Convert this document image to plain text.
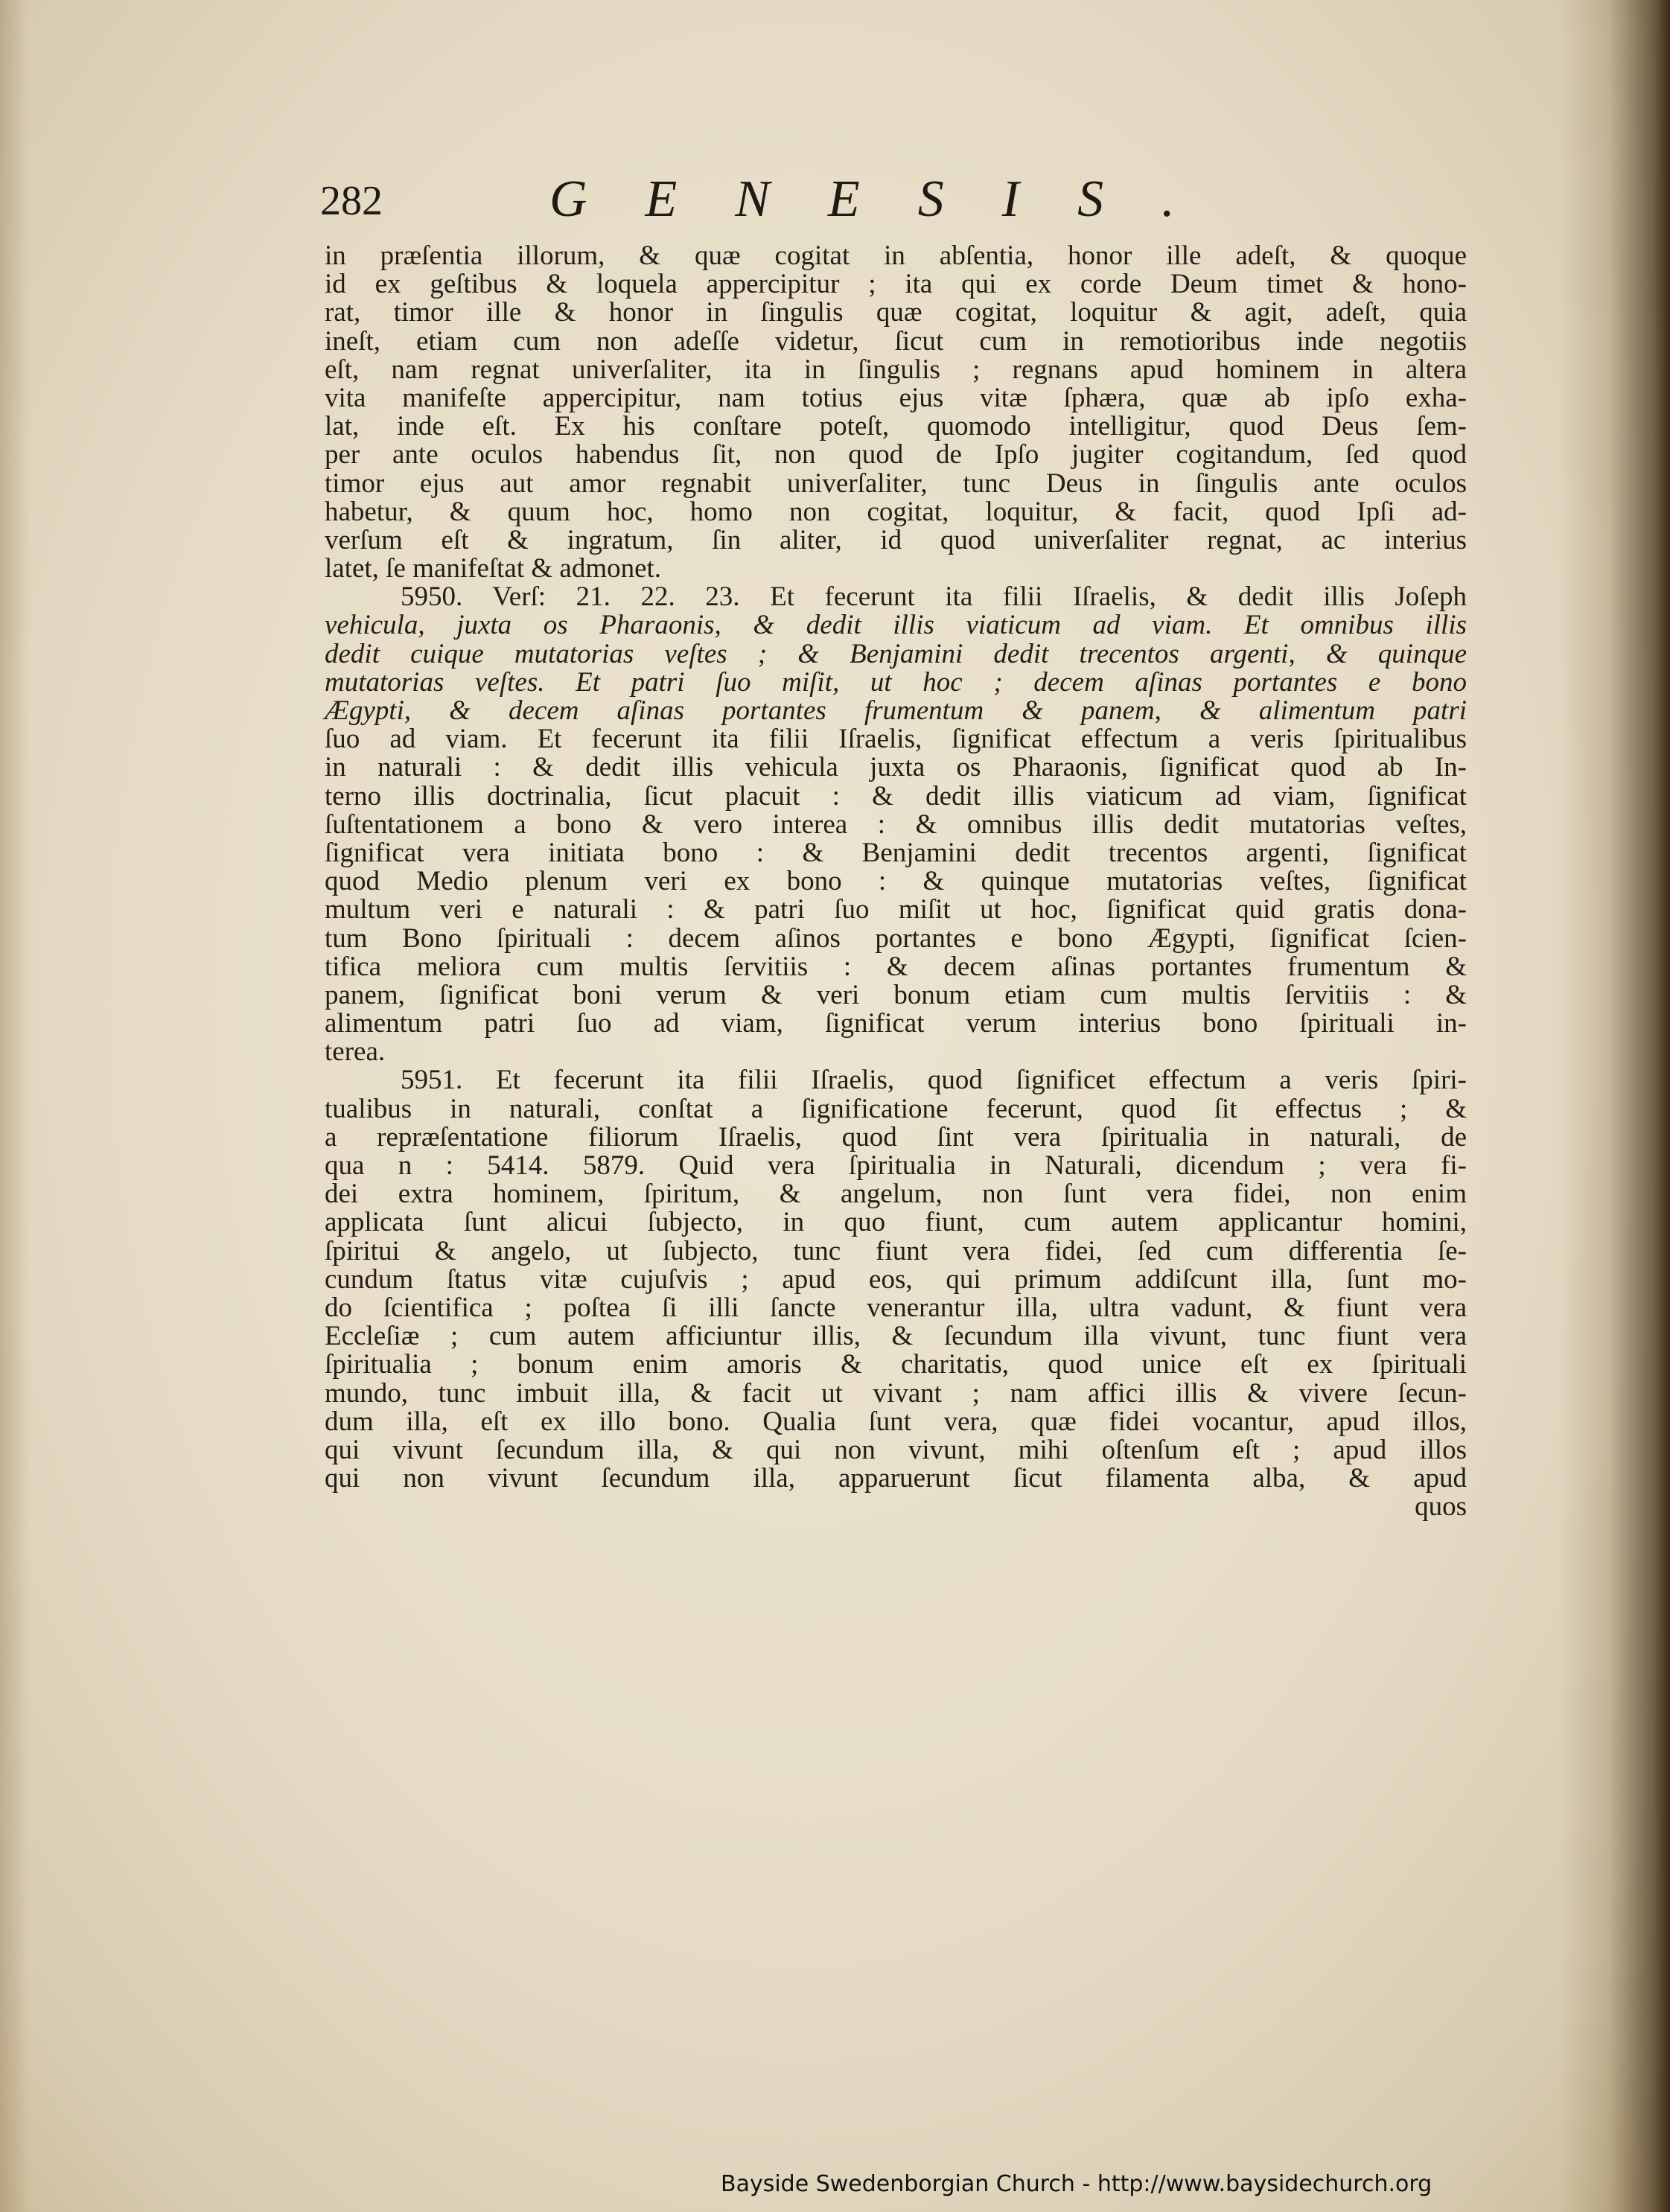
282	GENESIS.
in præſentia illorum, & quæ cogitat in abſentia, honor ille adeſt, & quoque
id ex geſtibus & loquela appercipitur ; ita qui ex corde Deum timet & hono-
rat, timor ille & honor in ſingulis quæ cogitat, loquitur & agit, adeſt, quia
ineſt, etiam cum non adeſſe videtur, ſicut cum in remotioribus inde negotiis
eſt, nam regnat univerſaliter, ita in ſingulis ; regnans apud hominem in altera
vita manifeſte appercipitur, nam totius ejus vitæ ſphæra, quæ ab ipſo exha-
lat, inde eſt. Ex his conſtare poteſt, quomodo intelligitur, quod Deus ſem-
per ante oculos habendus ſit, non quod de Ipſo jugiter cogitandum, ſed quod
timor ejus aut amor regnabit univerſaliter, tunc Deus in ſingulis ante oculos
habetur, & quum hoc, homo non cogitat, loquitur, & facit, quod Ipſi ad-
verſum eſt & ingratum, ſin aliter, id quod univerſaliter regnat, ac interius
latet, ſe manifeſtat & admonet.
5950. Verſ: 21. 22. 23. Et fecerunt ita filii Iſraelis, & dedit illis Joſeph
vehicula, juxta os Pharaonis, & dedit illis viaticum ad viam. Et omnibus illis
dedit cuique mutatorias veſtes ; & Benjamini dedit trecentos argenti, & quinque
mutatorias veſtes. Et patri ſuo miſit, ut hoc ; decem aſinas portantes e bono
Ægypti, & decem aſinas portantes frumentum & panem, & alimentum patri
ſuo ad viam. Et fecerunt ita filii Iſraelis, ſignificat effectum a veris ſpiritualibus
in naturali : & dedit illis vehicula juxta os Pharaonis, ſignificat quod ab In-
terno illis doctrinalia, ſicut placuit : & dedit illis viaticum ad viam, ſignificat
ſuſtentationem a bono & vero interea : & omnibus illis dedit mutatorias veſtes,
ſignificat vera initiata bono : & Benjamini dedit trecentos argenti, ſignificat
quod Medio plenum veri ex bono : & quinque mutatorias veſtes, ſignificat
multum veri e naturali : & patri ſuo miſit ut hoc, ſignificat quid gratis dona-
tum Bono ſpirituali : decem aſinos portantes e bono Ægypti, ſignificat ſcien-
tifica meliora cum multis ſervitiis : & decem aſinas portantes frumentum &
panem, ſignificat boni verum & veri bonum etiam cum multis ſervitiis : &
alimentum patri ſuo ad viam, ſignificat verum interius bono ſpirituali in-
terea.
5951. Et fecerunt ita filii Iſraelis, quod ſignificet effectum a veris ſpiri-
tualibus in naturali, conſtat a ſignificatione fecerunt, quod ſit effectus ; &
a repræſentatione filiorum Iſraelis, quod ſint vera ſpiritualia in naturali, de
qua n : 5414. 5879. Quid vera ſpiritualia in Naturali, dicendum ; vera fi-
dei extra hominem, ſpiritum, & angelum, non ſunt vera fidei, non enim
applicata ſunt alicui ſubjecto, in quo fiunt, cum autem applicantur homini,
ſpiritui & angelo, ut ſubjecto, tunc fiunt vera fidei, ſed cum differentia ſe-
cundum ſtatus vitæ cujuſvis ; apud eos, qui primum addiſcunt illa, ſunt mo-
do ſcientifica ; poſtea ſi illi ſancte venerantur illa, ultra vadunt, & fiunt vera
Eccleſiæ ; cum autem afficiuntur illis, & ſecundum illa vivunt, tunc fiunt vera
ſpiritualia ; bonum enim amoris & charitatis, quod unice eſt ex ſpirituali
mundo, tunc imbuit illa, & facit ut vivant ; nam affici illis & vivere ſecun-
dum illa, eſt ex illo bono. Qualia ſunt vera, quæ fidei vocantur, apud illos,
qui vivunt ſecundum illa, & qui non vivunt, mihi oſtenſum eſt ; apud illos
qui non vivunt ſecundum illa, apparuerunt ſicut filamenta alba, & apud
quos
Bayside Swedenborgian Church - http://www.baysidechurch.org
